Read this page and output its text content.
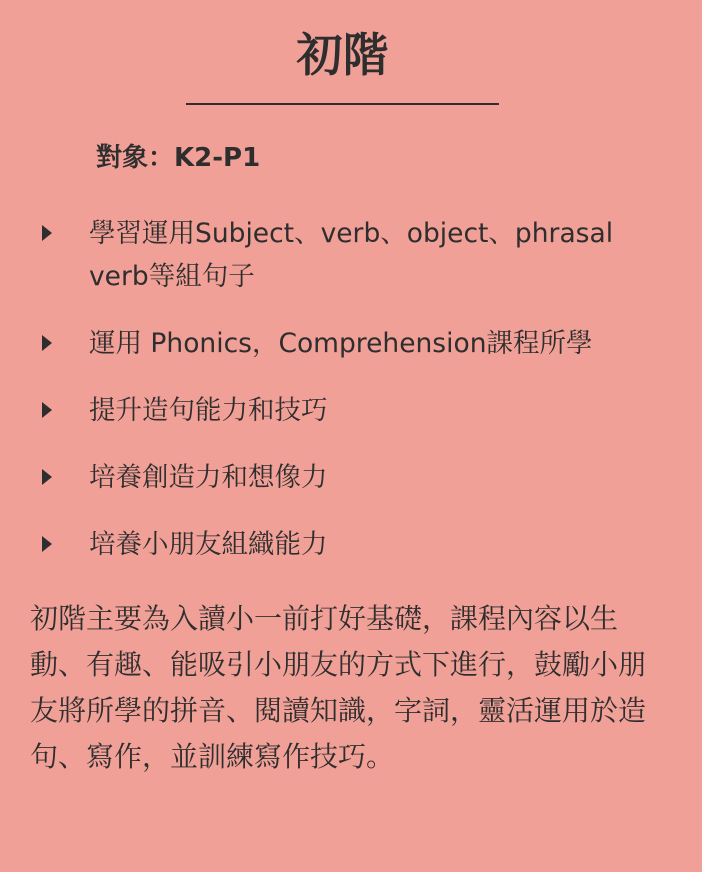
初階
對象：K2-P1
學習運用Subject、verb、object、phrasal verb等組句子
運用 Phonics，Comprehension課程所學
提升造句能力和技巧
培養創造力和想像力
培養小朋友組織能力

初階主要為入讀小一前打好基礎，課程內容以生動、有趣、能吸引小朋友的方式下進行，鼓勵小朋友將所學的拼音、閱讀知識，字詞，靈活運用於造句、寫作，並訓練寫作技巧。
